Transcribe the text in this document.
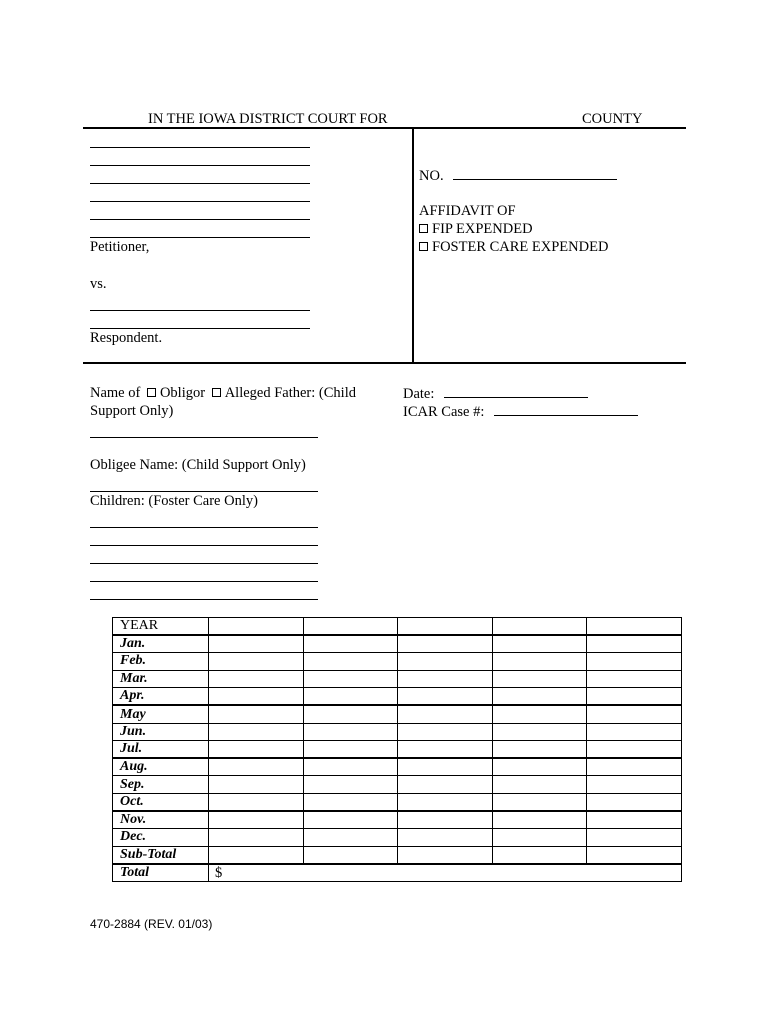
IN THE IOWA DISTRICT COURT FOR	COUNTY
Petitioner,
vs.
Respondent.
NO.
AFFIDAVIT OF
FIP EXPENDED
FOSTER CARE EXPENDED
Name of Obligor Alleged Father: (Child
Support Only)
Obligee Name: (Child Support Only)
Children: (Foster Care Only)
Date:
ICAR Case #:
YEAR					
Jan.					
Feb.					
Mar.					
Apr.					
May					
Jun.					
Jul.					
Aug.					
Sep.					
Oct.					
Nov.					
Dec.					
Sub-Total					
Total	$				
470-2884 (REV. 01/03)
